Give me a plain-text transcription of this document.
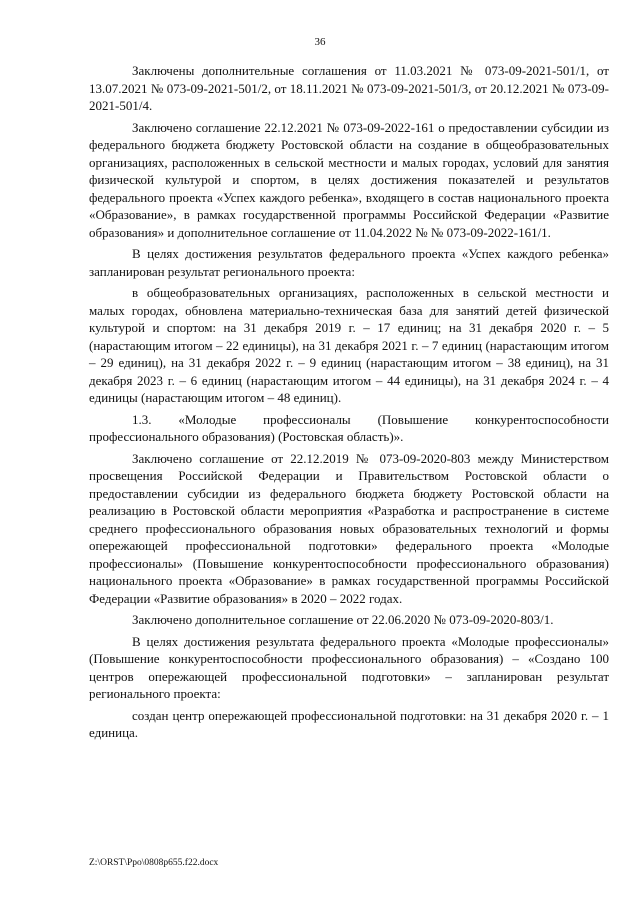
36

Заключены дополнительные соглашения от 11.03.2021 № 073-09-2021-501/1, от 13.07.2021 № 073-09-2021-501/2, от 18.11.2021 № 073-09-2021-501/3, от 20.12.2021 № 073-09-2021-501/4.

Заключено соглашение 22.12.2021 № 073-09-2022-161 о предоставлении субсидии из федерального бюджета бюджету Ростовской области на создание в общеобразовательных организациях, расположенных в сельской местности и малых городах, условий для занятия физической культурой и спортом, в целях достижения показателей и результатов федерального проекта «Успех каждого ребенка», входящего в состав национального проекта «Образование», в рамках государственной программы Российской Федерации «Развитие образования» и дополнительное соглашение от 11.04.2022 № № 073-09-2022-161/1.

В целях достижения результатов федерального проекта «Успех каждого ребенка» запланирован результат регионального проекта:

в общеобразовательных организациях, расположенных в сельской местности и малых городах, обновлена материально-техническая база для занятий детей физической культурой и спортом: на 31 декабря 2019 г. – 17 единиц; на 31 декабря 2020 г. – 5 (нарастающим итогом – 22 единицы), на 31 декабря 2021 г. – 7 единиц (нарастающим итогом – 29 единиц), на 31 декабря 2022 г. – 9 единиц (нарастающим итогом – 38 единиц), на 31 декабря 2023 г. – 6 единиц (нарастающим итогом – 44 единицы), на 31 декабря 2024 г. – 4 единицы (нарастающим итогом – 48 единиц).

1.3. «Молодые профессионалы (Повышение конкурентоспособности профессионального образования) (Ростовская область)».

Заключено соглашение от 22.12.2019 № 073-09-2020-803 между Министерством просвещения Российской Федерации и Правительством Ростовской области о предоставлении субсидии из федерального бюджета бюджету Ростовской области на реализацию в Ростовской области мероприятия «Разработка и распространение в системе среднего профессионального образования новых образовательных технологий и формы опережающей профессиональной подготовки» федерального проекта «Молодые профессионалы» (Повышение конкурентоспособности профессионального образования) национального проекта «Образование» в рамках государственной программы Российской Федерации «Развитие образования» в 2020 – 2022 годах.

Заключено дополнительное соглашение от 22.06.2020 № 073-09-2020-803/1.

В целях достижения результата федерального проекта «Молодые профессионалы» (Повышение конкурентоспособности профессионального образования) – «Создано 100 центров опережающей профессиональной подготовки» – запланирован результат регионального проекта:

создан центр опережающей профессиональной подготовки: на 31 декабря 2020 г. – 1 единица.

Z:\ORST\Ppo\0808p655.f22.docx
